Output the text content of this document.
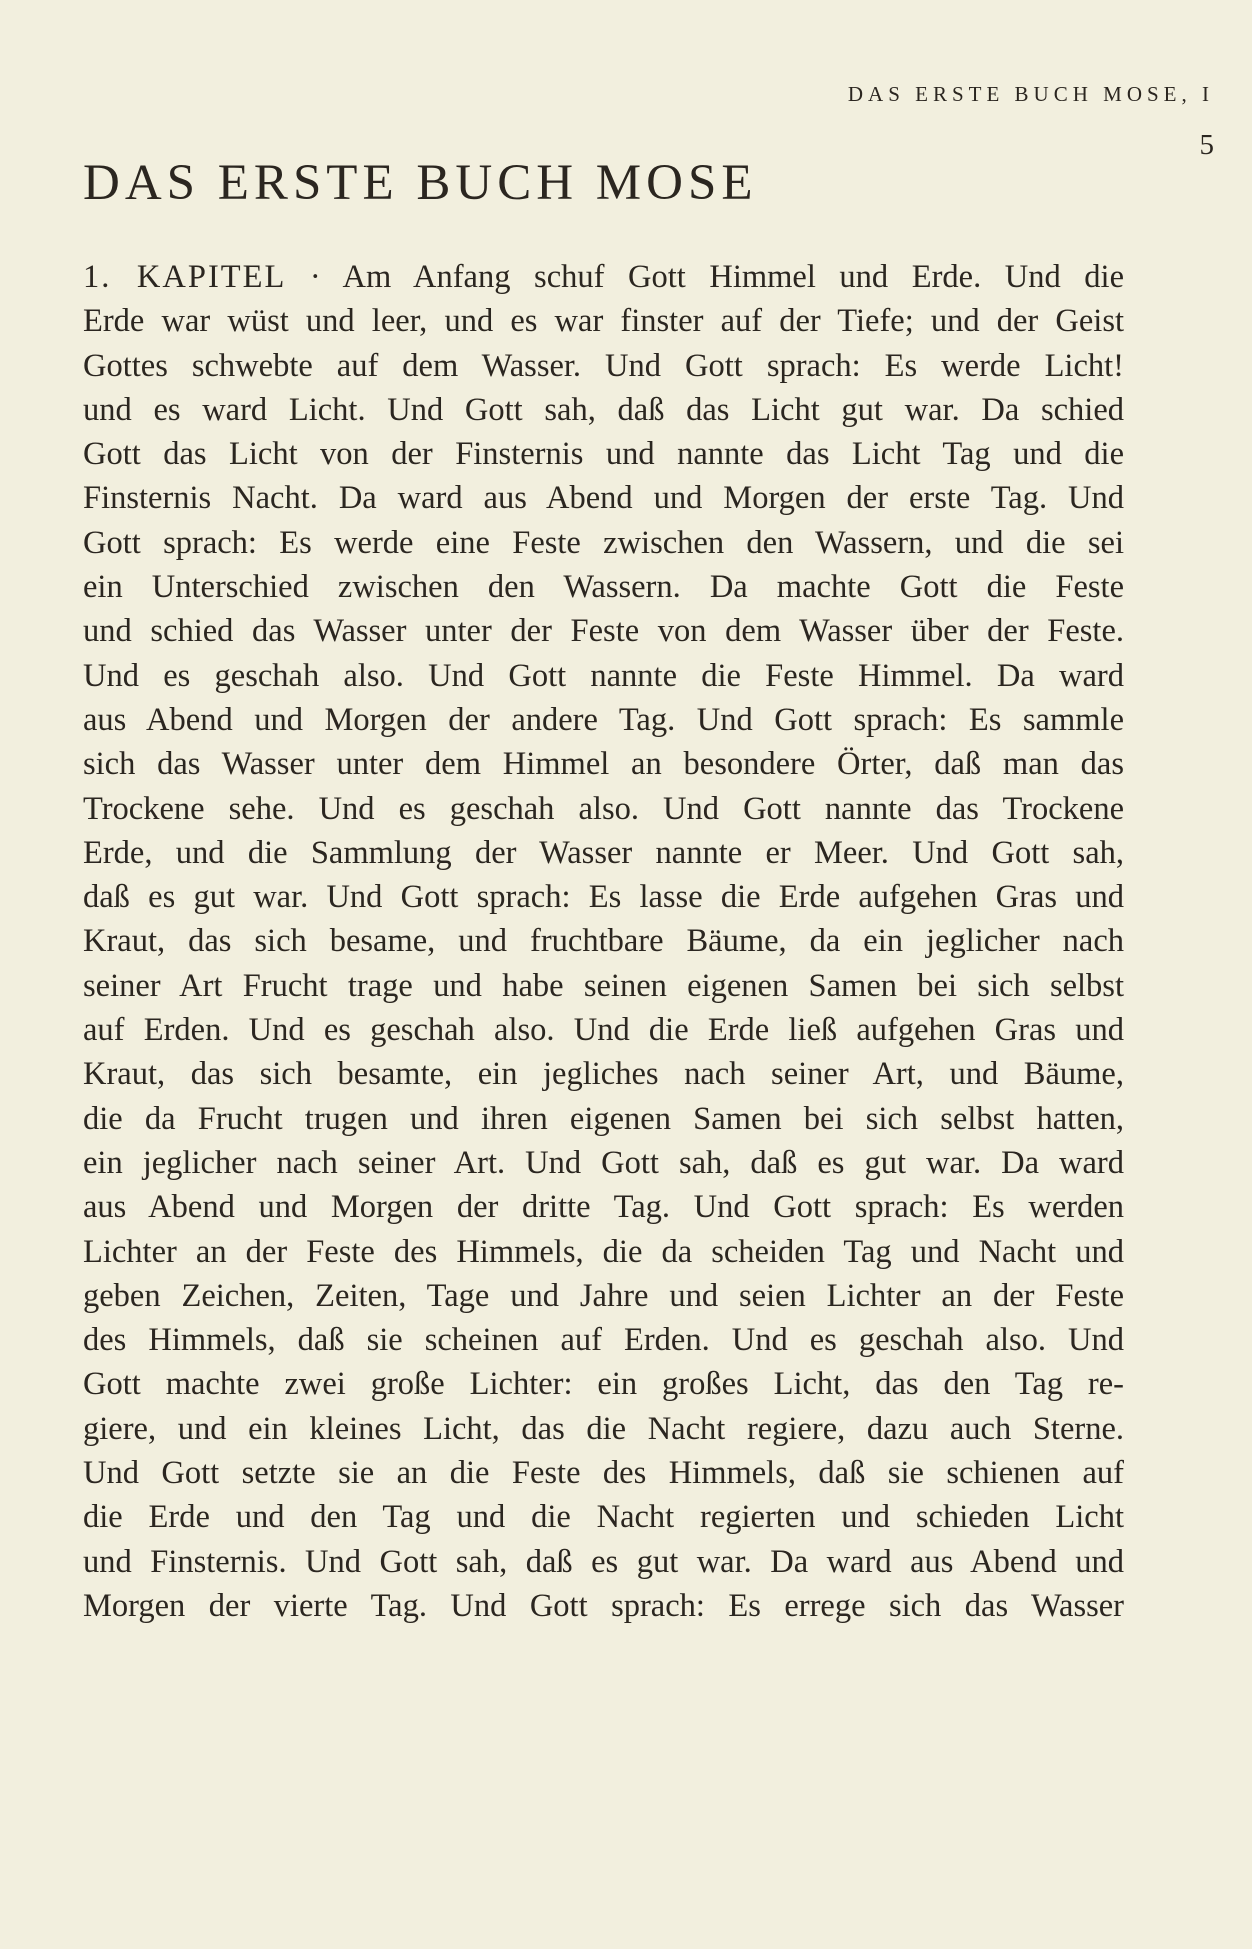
DAS ERSTE BUCH MOSE, I
5
DAS ERSTE BUCH MOSE
1. KAPITEL · Am Anfang schuf Gott Himmel und Erde. Und die
Erde war wüst und leer, und es war finster auf der Tiefe; und der Geist
Gottes schwebte auf dem Wasser. Und Gott sprach: Es werde Licht!
und es ward Licht. Und Gott sah, daß das Licht gut war. Da schied
Gott das Licht von der Finsternis und nannte das Licht Tag und die
Finsternis Nacht. Da ward aus Abend und Morgen der erste Tag. Und
Gott sprach: Es werde eine Feste zwischen den Wassern, und die sei
ein Unterschied zwischen den Wassern. Da machte Gott die Feste
und schied das Wasser unter der Feste von dem Wasser über der Feste.
Und es geschah also. Und Gott nannte die Feste Himmel. Da ward
aus Abend und Morgen der andere Tag. Und Gott sprach: Es sammle
sich das Wasser unter dem Himmel an besondere Örter, daß man das
Trockene sehe. Und es geschah also. Und Gott nannte das Trockene
Erde, und die Sammlung der Wasser nannte er Meer. Und Gott sah,
daß es gut war. Und Gott sprach: Es lasse die Erde aufgehen Gras und
Kraut, das sich besame, und fruchtbare Bäume, da ein jeglicher nach
seiner Art Frucht trage und habe seinen eigenen Samen bei sich selbst
auf Erden. Und es geschah also. Und die Erde ließ aufgehen Gras und
Kraut, das sich besamte, ein jegliches nach seiner Art, und Bäume,
die da Frucht trugen und ihren eigenen Samen bei sich selbst hatten,
ein jeglicher nach seiner Art. Und Gott sah, daß es gut war. Da ward
aus Abend und Morgen der dritte Tag. Und Gott sprach: Es werden
Lichter an der Feste des Himmels, die da scheiden Tag und Nacht und
geben Zeichen, Zeiten, Tage und Jahre und seien Lichter an der Feste
des Himmels, daß sie scheinen auf Erden. Und es geschah also. Und
Gott machte zwei große Lichter: ein großes Licht, das den Tag re-
giere, und ein kleines Licht, das die Nacht regiere, dazu auch Sterne.
Und Gott setzte sie an die Feste des Himmels, daß sie schienen auf
die Erde und den Tag und die Nacht regierten und schieden Licht
und Finsternis. Und Gott sah, daß es gut war. Da ward aus Abend und
Morgen der vierte Tag. Und Gott sprach: Es errege sich das Wasser
